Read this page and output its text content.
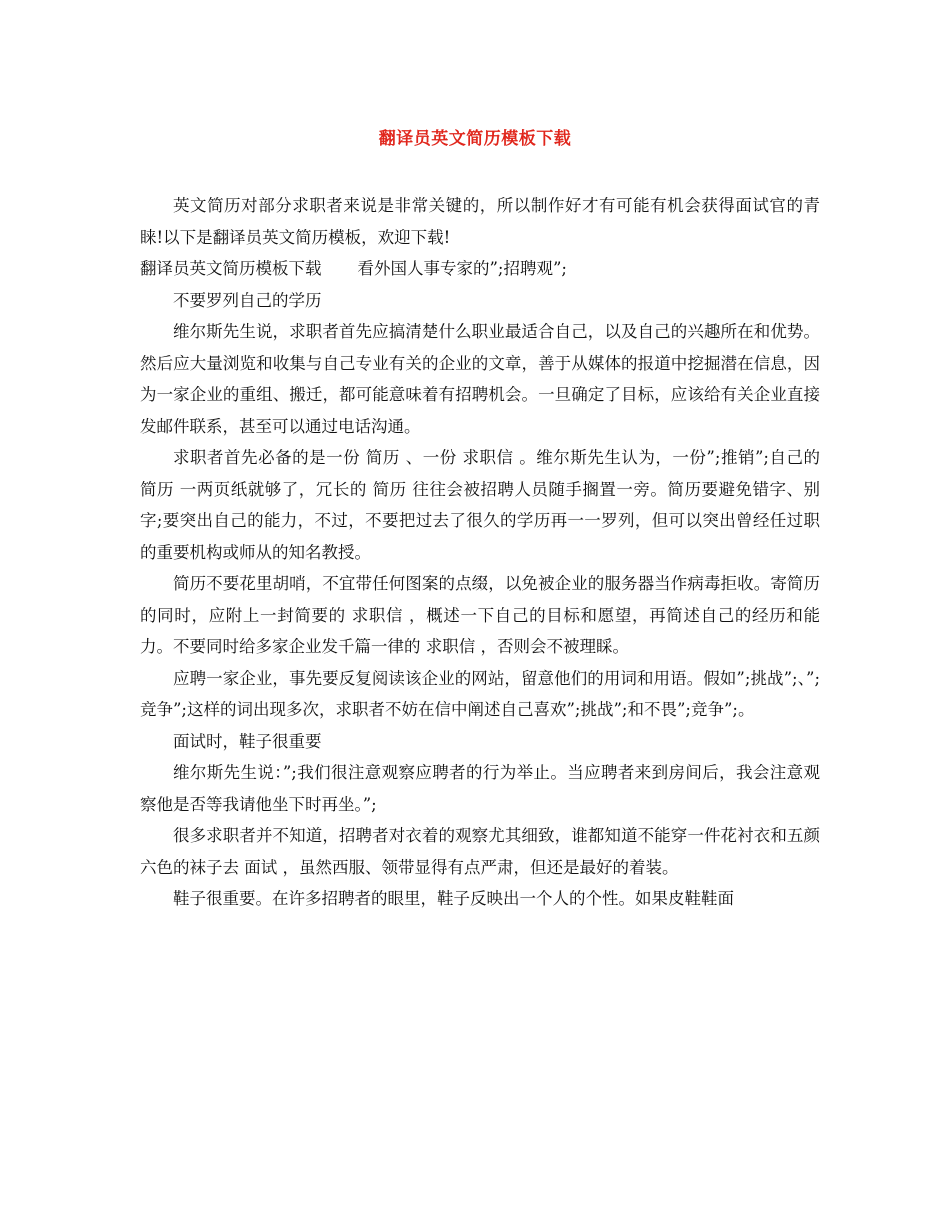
翻译员英文简历模板下载

英文简历对部分求职者来说是非常关键的，所以制作好才有可能有机会获得面试官的青睐!以下是翻译员英文简历模板，欢迎下载!

翻译员英文简历模板下载 看外国人事专家的”;招聘观”;

不要罗列自己的学历

维尔斯先生说，求职者首先应搞清楚什么职业最适合自己，以及自己的兴趣所在和优势。然后应大量浏览和收集与自己专业有关的企业的文章，善于从媒体的报道中挖掘潜在信息，因为一家企业的重组、搬迁，都可能意味着有招聘机会。一旦确定了目标，应该给有关企业直接发邮件联系，甚至可以通过电话沟通。

求职者首先必备的是一份 简历 、一份 求职信 。维尔斯先生认为，一份”;推销”;自己的 简历 一两页纸就够了，冗长的 简历 往往会被招聘人员随手搁置一旁。简历要避免错字、别字;要突出自己的能力，不过，不要把过去了很久的学历再一一罗列，但可以突出曾经任过职的重要机构或师从的知名教授。

简历不要花里胡哨，不宜带任何图案的点缀，以免被企业的服务器当作病毒拒收。寄简历的同时，应附上一封简要的 求职信 ，概述一下自己的目标和愿望，再简述自己的经历和能力。不要同时给多家企业发千篇一律的 求职信 ，否则会不被理睬。

应聘一家企业，事先要反复阅读该企业的网站，留意他们的用词和用语。假如”;挑战”;、”;竞争”;这样的词出现多次，求职者不妨在信中阐述自己喜欢”;挑战”;和不畏”;竞争”;。

面试时，鞋子很重要

维尔斯先生说：”;我们很注意观察应聘者的行为举止。当应聘者来到房间后，我会注意观察他是否等我请他坐下时再坐。”;

很多求职者并不知道，招聘者对衣着的观察尤其细致，谁都知道不能穿一件花衬衣和五颜六色的袜子去 面试 ，虽然西服、领带显得有点严肃，但还是最好的着装。

鞋子很重要。在许多招聘者的眼里，鞋子反映出一个人的个性。如果皮鞋鞋面
